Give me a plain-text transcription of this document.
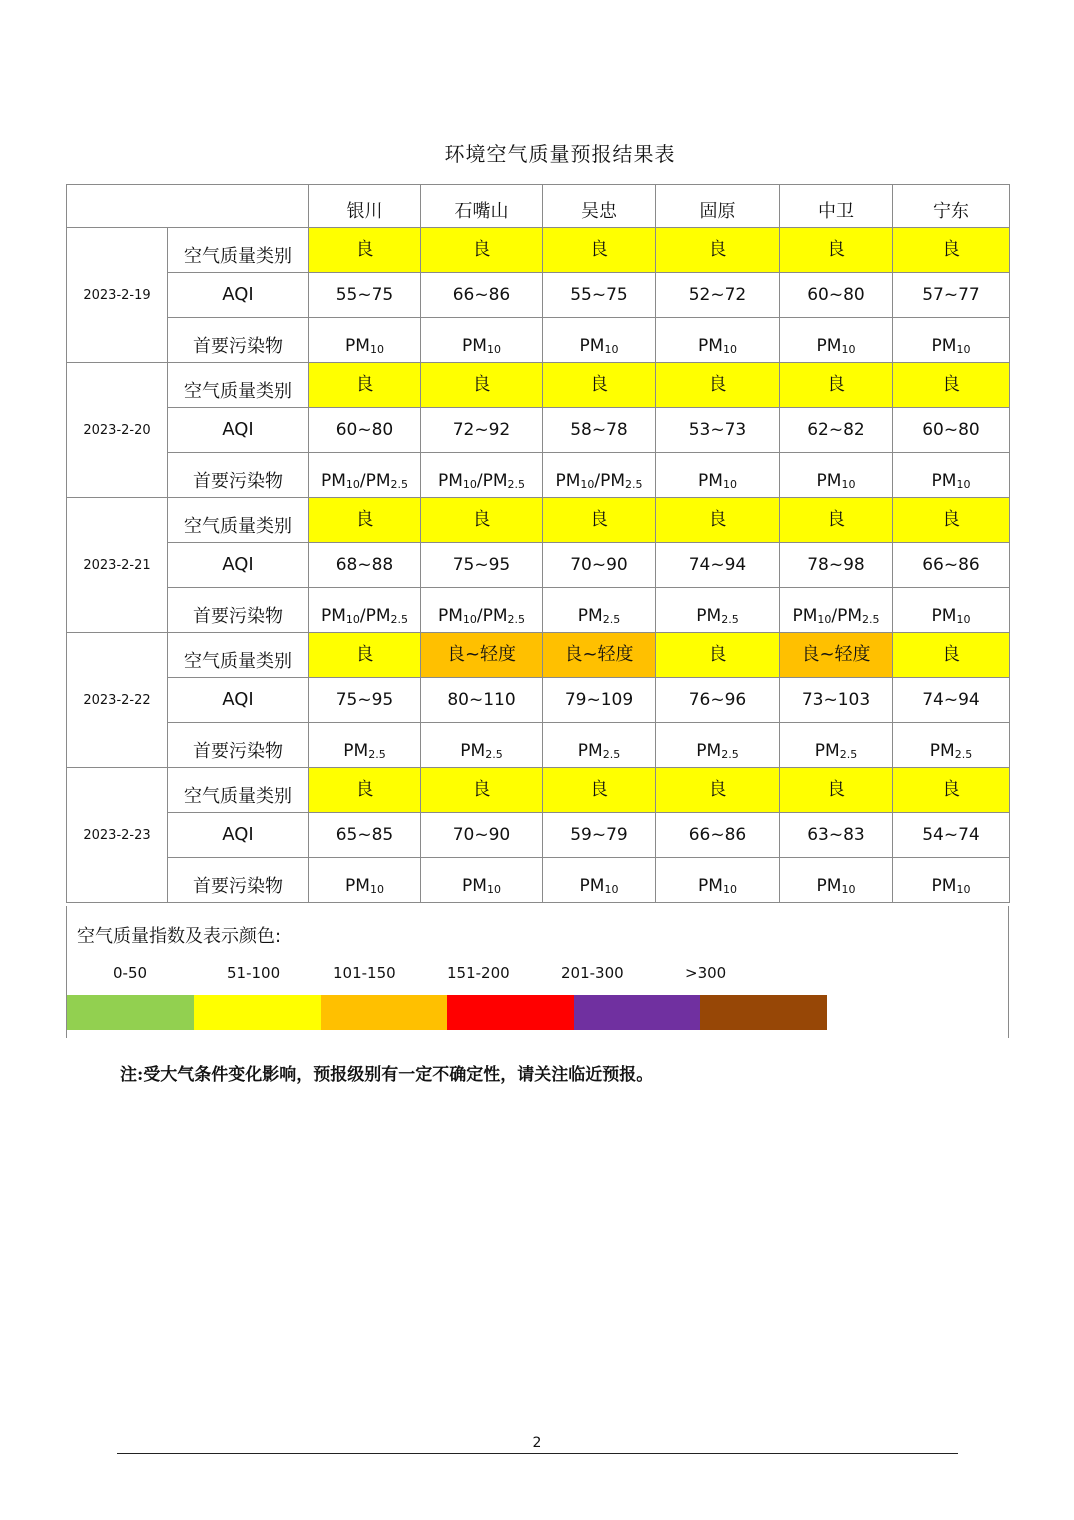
环境空气质量预报结果表
		银川	石嘴山	吴忠	固原	中卫	宁东
2023-2-19	空气质量类别	良	良	良	良	良	良
	AQI	55~75	66~86	55~75	52~72	60~80	57~77
	首要污染物	$PM_{10}$	$PM_{10}$	$PM_{10}$	$PM_{10}$	$PM_{10}$	$PM_{10}$
2023-2-20	空气质量类别	良	良	良	良	良	良
	AQI	60~80	72~92	58~78	53~73	62~82	60~80
	首要污染物	$PM_{10}/PM_{2.5}$	$PM_{10}/PM_{2.5}$	$PM_{10}/PM_{2.5}$	$PM_{10}$	$PM_{10}$	$PM_{10}$
2023-2-21	空气质量类别	良	良	良	良	良	良
	AQI	68~88	75~95	70~90	74~94	78~98	66~86
	首要污染物	$PM_{10}/PM_{2.5}$	$PM_{10}/PM_{2.5}$	$PM_{2.5}$	$PM_{2.5}$	$PM_{10}/PM_{2.5}$	$PM_{10}$
2023-2-22	空气质量类别	良	良~轻度	良~轻度	良	良~轻度	良
	AQI	75~95	80~110	79~109	76~96	73~103	74~94
	首要污染物	$PM_{2.5}$	$PM_{2.5}$	$PM_{2.5}$	$PM_{2.5}$	$PM_{2.5}$	$PM_{2.5}$
2023-2-23	空气质量类别	良	良	良	良	良	良
	AQI	65~85	70~90	59~79	66~86	63~83	54~74
	首要污染物	$PM_{10}$	$PM_{10}$	$PM_{10}$	$PM_{10}$	$PM_{10}$	$PM_{10}$
空气质量指数及表示颜色:
0-50	51-100	101-150	151-200	201-300	>300
注:受大气条件变化影响，预报级别有一定不确定性，请关注临近预报。
2
